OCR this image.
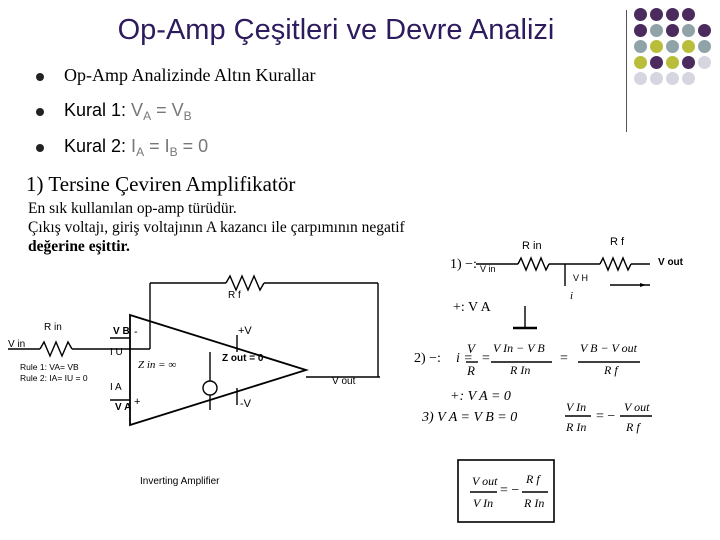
Op-Amp Çeşitleri ve Devre Analizi
Op-Amp Analizinde Altın Kurallar
Kural 1: $V_A = V_B$
Kural 2: $I_A = I_B = 0$
1) Tersine Çeviren Amplifikatör
En sık kullanılan op-amp türüdür.
Çıkış voltajı, giriş voltajının A kazancı ile çarpımının negatif
değerine eşittir.
R f
R in
V in
V B -
I U
Rule 1: VA= VB
Rule 2: IA= IU = 0
I A
V A +
+V
-V
Z out = 0
Z in = ∞
V out
Inverting Amplifier
1) −:
R in	R f
V in
V H
V out
i
+: V A
2) −: i =
V
R
=
V In − V B
R In
=
V B − V out
R f
+: V A = 0
3) V A = V B = 0
V In
R In
= −
V out
R f
V out
V In
= −
R f
R In
